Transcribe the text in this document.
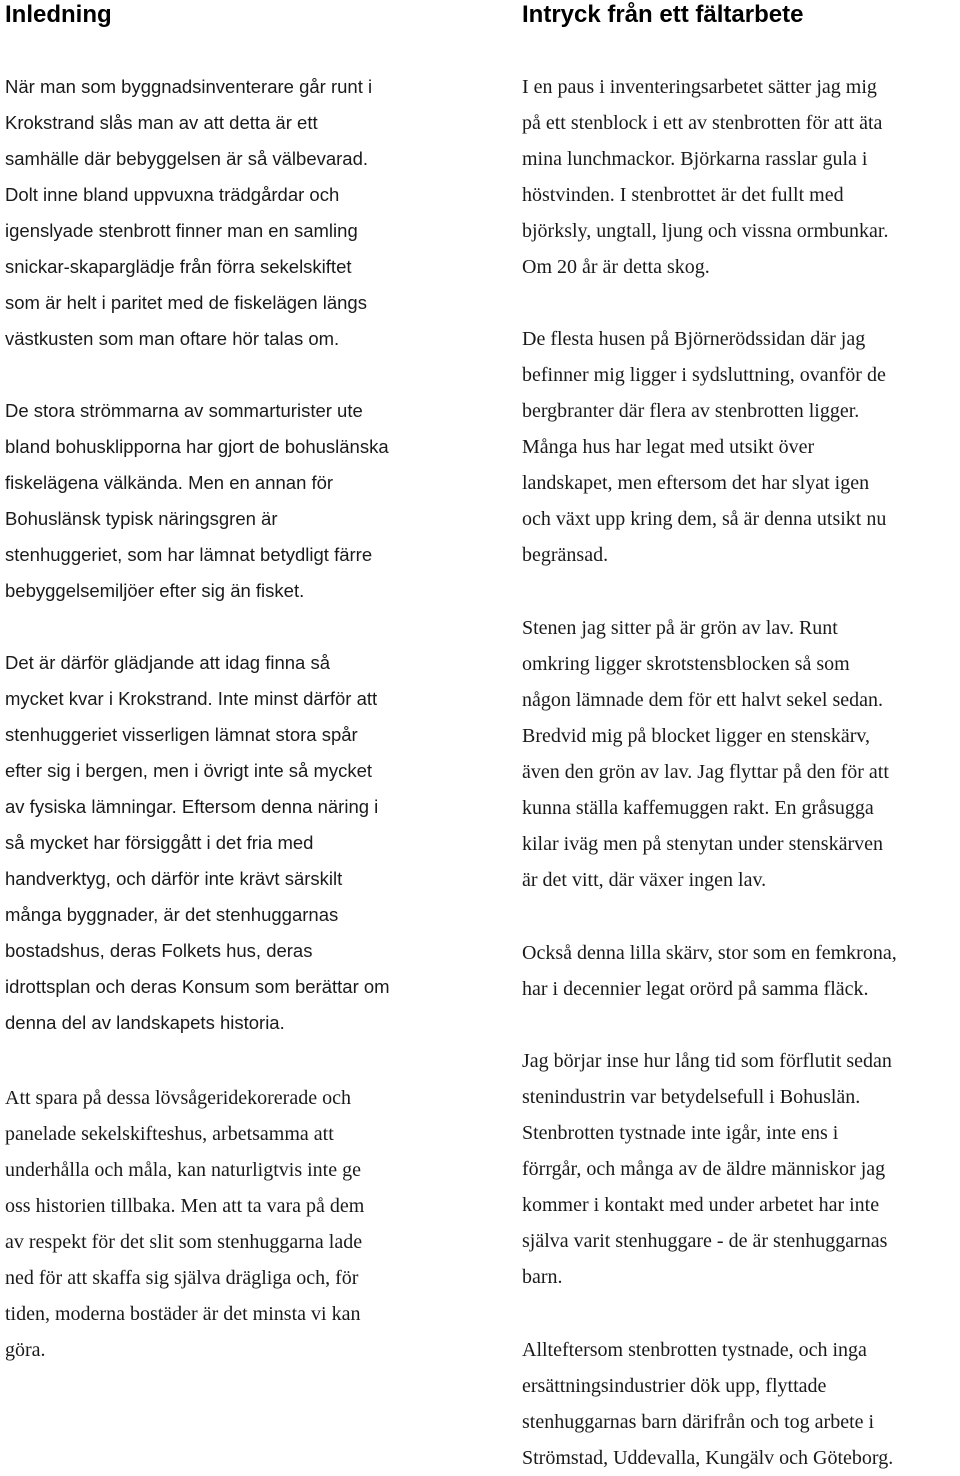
Inledning

När man som byggnadsinventerare går runt i
Krokstrand slås man av att detta är ett
samhälle där bebyggelsen är så välbevarad.
Dolt inne bland uppvuxna trädgårdar och
igenslyade stenbrott finner man en samling
snickar-skaparglädje från förra sekelskiftet
som är helt i paritet med de fiskelägen längs
västkusten som man oftare hör talas om.

De stora strömmarna av sommarturister ute
bland bohusklipporna har gjort de bohuslänska
fiskelägena välkända. Men en annan för
Bohuslänsk typisk näringsgren är
stenhuggeriet, som har lämnat betydligt färre
bebyggelsemiljöer efter sig än fisket.

Det är därför glädjande att idag finna så
mycket kvar i Krokstrand. Inte minst därför att
stenhuggeriet visserligen lämnat stora spår
efter sig i bergen, men i övrigt inte så mycket
av fysiska lämningar. Eftersom denna näring i
så mycket har försiggått i det fria med
handverktyg, och därför inte krävt särskilt
många byggnader, är det stenhuggarnas
bostadshus, deras Folkets hus, deras
idrottsplan och deras Konsum som berättar om
denna del av landskapets historia.

Att spara på dessa lövsågeridekorerade och
panelade sekelskifteshus, arbetsamma att
underhålla och måla, kan naturligtvis inte ge
oss historien tillbaka. Men att ta vara på dem
av respekt för det slit som stenhuggarna lade
ned för att skaffa sig själva drägliga och, för
tiden, moderna bostäder är det minsta vi kan
göra.

Intryck från ett fältarbete

I en paus i inventeringsarbetet sätter jag mig
på ett stenblock i ett av stenbrotten för att äta
mina lunchmackor. Björkarna rasslar gula i
höstvinden. I stenbrottet är det fullt med
björksly, ungtall, ljung och vissna ormbunkar.
Om 20 år är detta skog.

De flesta husen på Björnerödssidan där jag
befinner mig ligger i sydsluttning, ovanför de
bergbranter där flera av stenbrotten ligger.
Många hus har legat med utsikt över
landskapet, men eftersom det har slyat igen
och växt upp kring dem, så är denna utsikt nu
begränsad.

Stenen jag sitter på är grön av lav. Runt
omkring ligger skrotstensblocken så som
någon lämnade dem för ett halvt sekel sedan.
Bredvid mig på blocket ligger en stenskärv,
även den grön av lav. Jag flyttar på den för att
kunna ställa kaffemuggen rakt. En gråsugga
kilar iväg men på stenytan under stenskärven
är det vitt, där växer ingen lav.

Också denna lilla skärv, stor som en femkrona,
har i decennier legat orörd på samma fläck.

Jag börjar inse hur lång tid som förflutit sedan
stenindustrin var betydelsefull i Bohuslän.
Stenbrotten tystnade inte igår, inte ens i
förrgår, och många av de äldre människor jag
kommer i kontakt med under arbetet har inte
själva varit stenhuggare - de är stenhuggarnas
barn.

Allteftersom stenbrotten tystnade, och inga
ersättningsindustrier dök upp, flyttade
stenhuggarnas barn därifrån och tog arbete i
Strömstad, Uddevalla, Kungälv och Göteborg.
